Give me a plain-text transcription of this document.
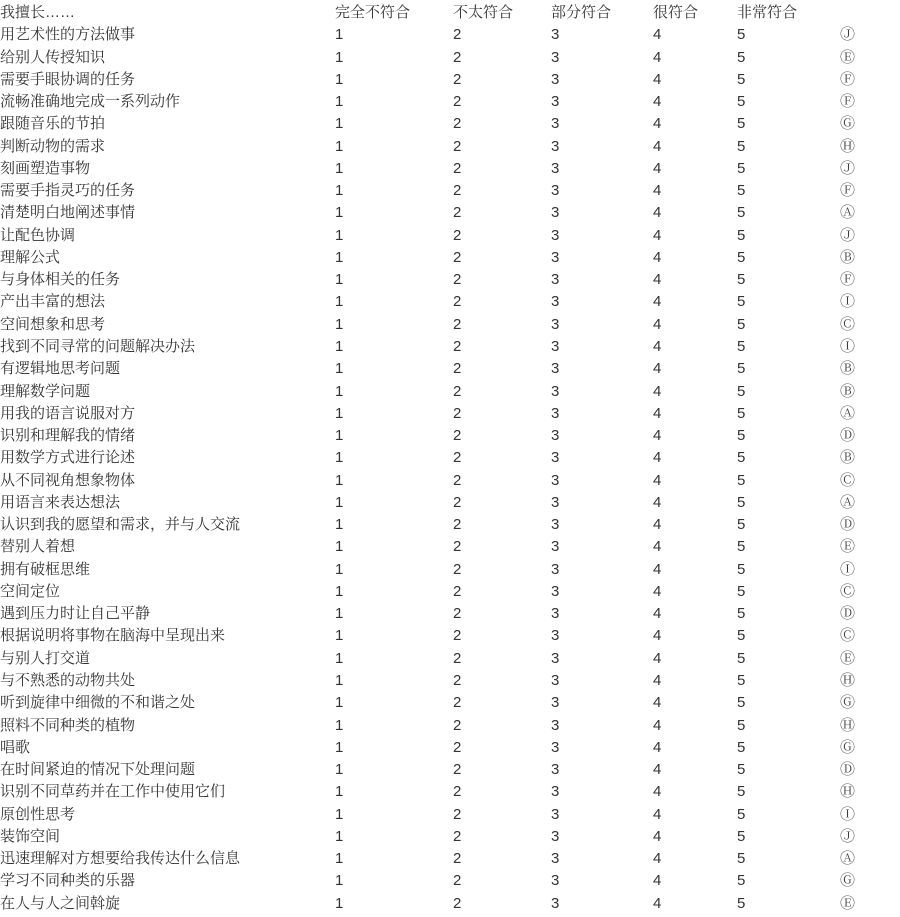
我擅长……	完全不符合	不太符合	部分符合	很符合	非常符合	
用艺术性的方法做事	1	2	3	4	5	Ⓙ
给别人传授知识	1	2	3	4	5	Ⓔ
需要手眼协调的任务	1	2	3	4	5	Ⓕ
流畅准确地完成一系列动作	1	2	3	4	5	Ⓕ
跟随音乐的节拍	1	2	3	4	5	Ⓖ
判断动物的需求	1	2	3	4	5	Ⓗ
刻画塑造事物	1	2	3	4	5	Ⓙ
需要手指灵巧的任务	1	2	3	4	5	Ⓕ
清楚明白地阐述事情	1	2	3	4	5	Ⓐ
让配色协调	1	2	3	4	5	Ⓙ
理解公式	1	2	3	4	5	Ⓑ
与身体相关的任务	1	2	3	4	5	Ⓕ
产出丰富的想法	1	2	3	4	5	Ⓘ
空间想象和思考	1	2	3	4	5	Ⓒ
找到不同寻常的问题解决办法	1	2	3	4	5	Ⓘ
有逻辑地思考问题	1	2	3	4	5	Ⓑ
理解数学问题	1	2	3	4	5	Ⓑ
用我的语言说服对方	1	2	3	4	5	Ⓐ
识别和理解我的情绪	1	2	3	4	5	Ⓓ
用数学方式进行论述	1	2	3	4	5	Ⓑ
从不同视角想象物体	1	2	3	4	5	Ⓒ
用语言来表达想法	1	2	3	4	5	Ⓐ
认识到我的愿望和需求，并与人交流	1	2	3	4	5	Ⓓ
替别人着想	1	2	3	4	5	Ⓔ
拥有破框思维	1	2	3	4	5	Ⓘ
空间定位	1	2	3	4	5	Ⓒ
遇到压力时让自己平静	1	2	3	4	5	Ⓓ
根据说明将事物在脑海中呈现出来	1	2	3	4	5	Ⓒ
与别人打交道	1	2	3	4	5	Ⓔ
与不熟悉的动物共处	1	2	3	4	5	Ⓗ
听到旋律中细微的不和谐之处	1	2	3	4	5	Ⓖ
照料不同种类的植物	1	2	3	4	5	Ⓗ
唱歌	1	2	3	4	5	Ⓖ
在时间紧迫的情况下处理问题	1	2	3	4	5	Ⓓ
识别不同草药并在工作中使用它们	1	2	3	4	5	Ⓗ
原创性思考	1	2	3	4	5	Ⓘ
装饰空间	1	2	3	4	5	Ⓙ
迅速理解对方想要给我传达什么信息	1	2	3	4	5	Ⓐ
学习不同种类的乐器	1	2	3	4	5	Ⓖ
在人与人之间斡旋	1	2	3	4	5	Ⓔ
